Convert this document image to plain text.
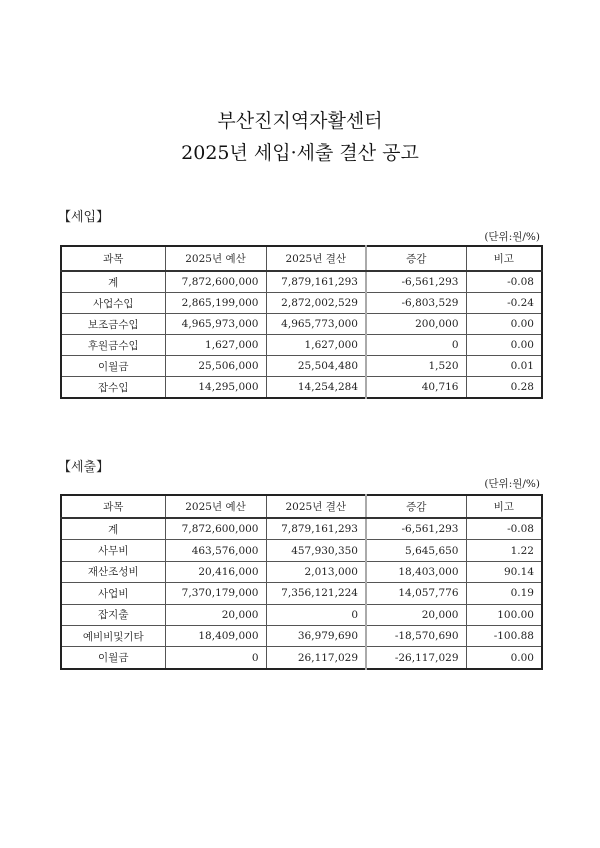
부산진지역자활센터
2025년 세입·세출 결산 공고
【세입】
(단위:원/%)
과목	2025년 예산	2025년 결산	증감	비고
계	7,872,600,000	7,879,161,293	-6,561,293	-0.08
사업수입	2,865,199,000	2,872,002,529	-6,803,529	-0.24
보조금수입	4,965,973,000	4,965,773,000	200,000	0.00
후원금수입	1,627,000	1,627,000	0	0.00
이월금	25,506,000	25,504,480	1,520	0.01
잡수입	14,295,000	14,254,284	40,716	0.28
【세출】
(단위:원/%)
과목	2025년 예산	2025년 결산	증감	비고
계	7,872,600,000	7,879,161,293	-6,561,293	-0.08
사무비	463,576,000	457,930,350	5,645,650	1.22
재산조성비	20,416,000	2,013,000	18,403,000	90.14
사업비	7,370,179,000	7,356,121,224	14,057,776	0.19
잡지출	20,000	0	20,000	100.00
예비비및기타	18,409,000	36,979,690	-18,570,690	-100.88
이월금	0	26,117,029	-26,117,029	0.00
